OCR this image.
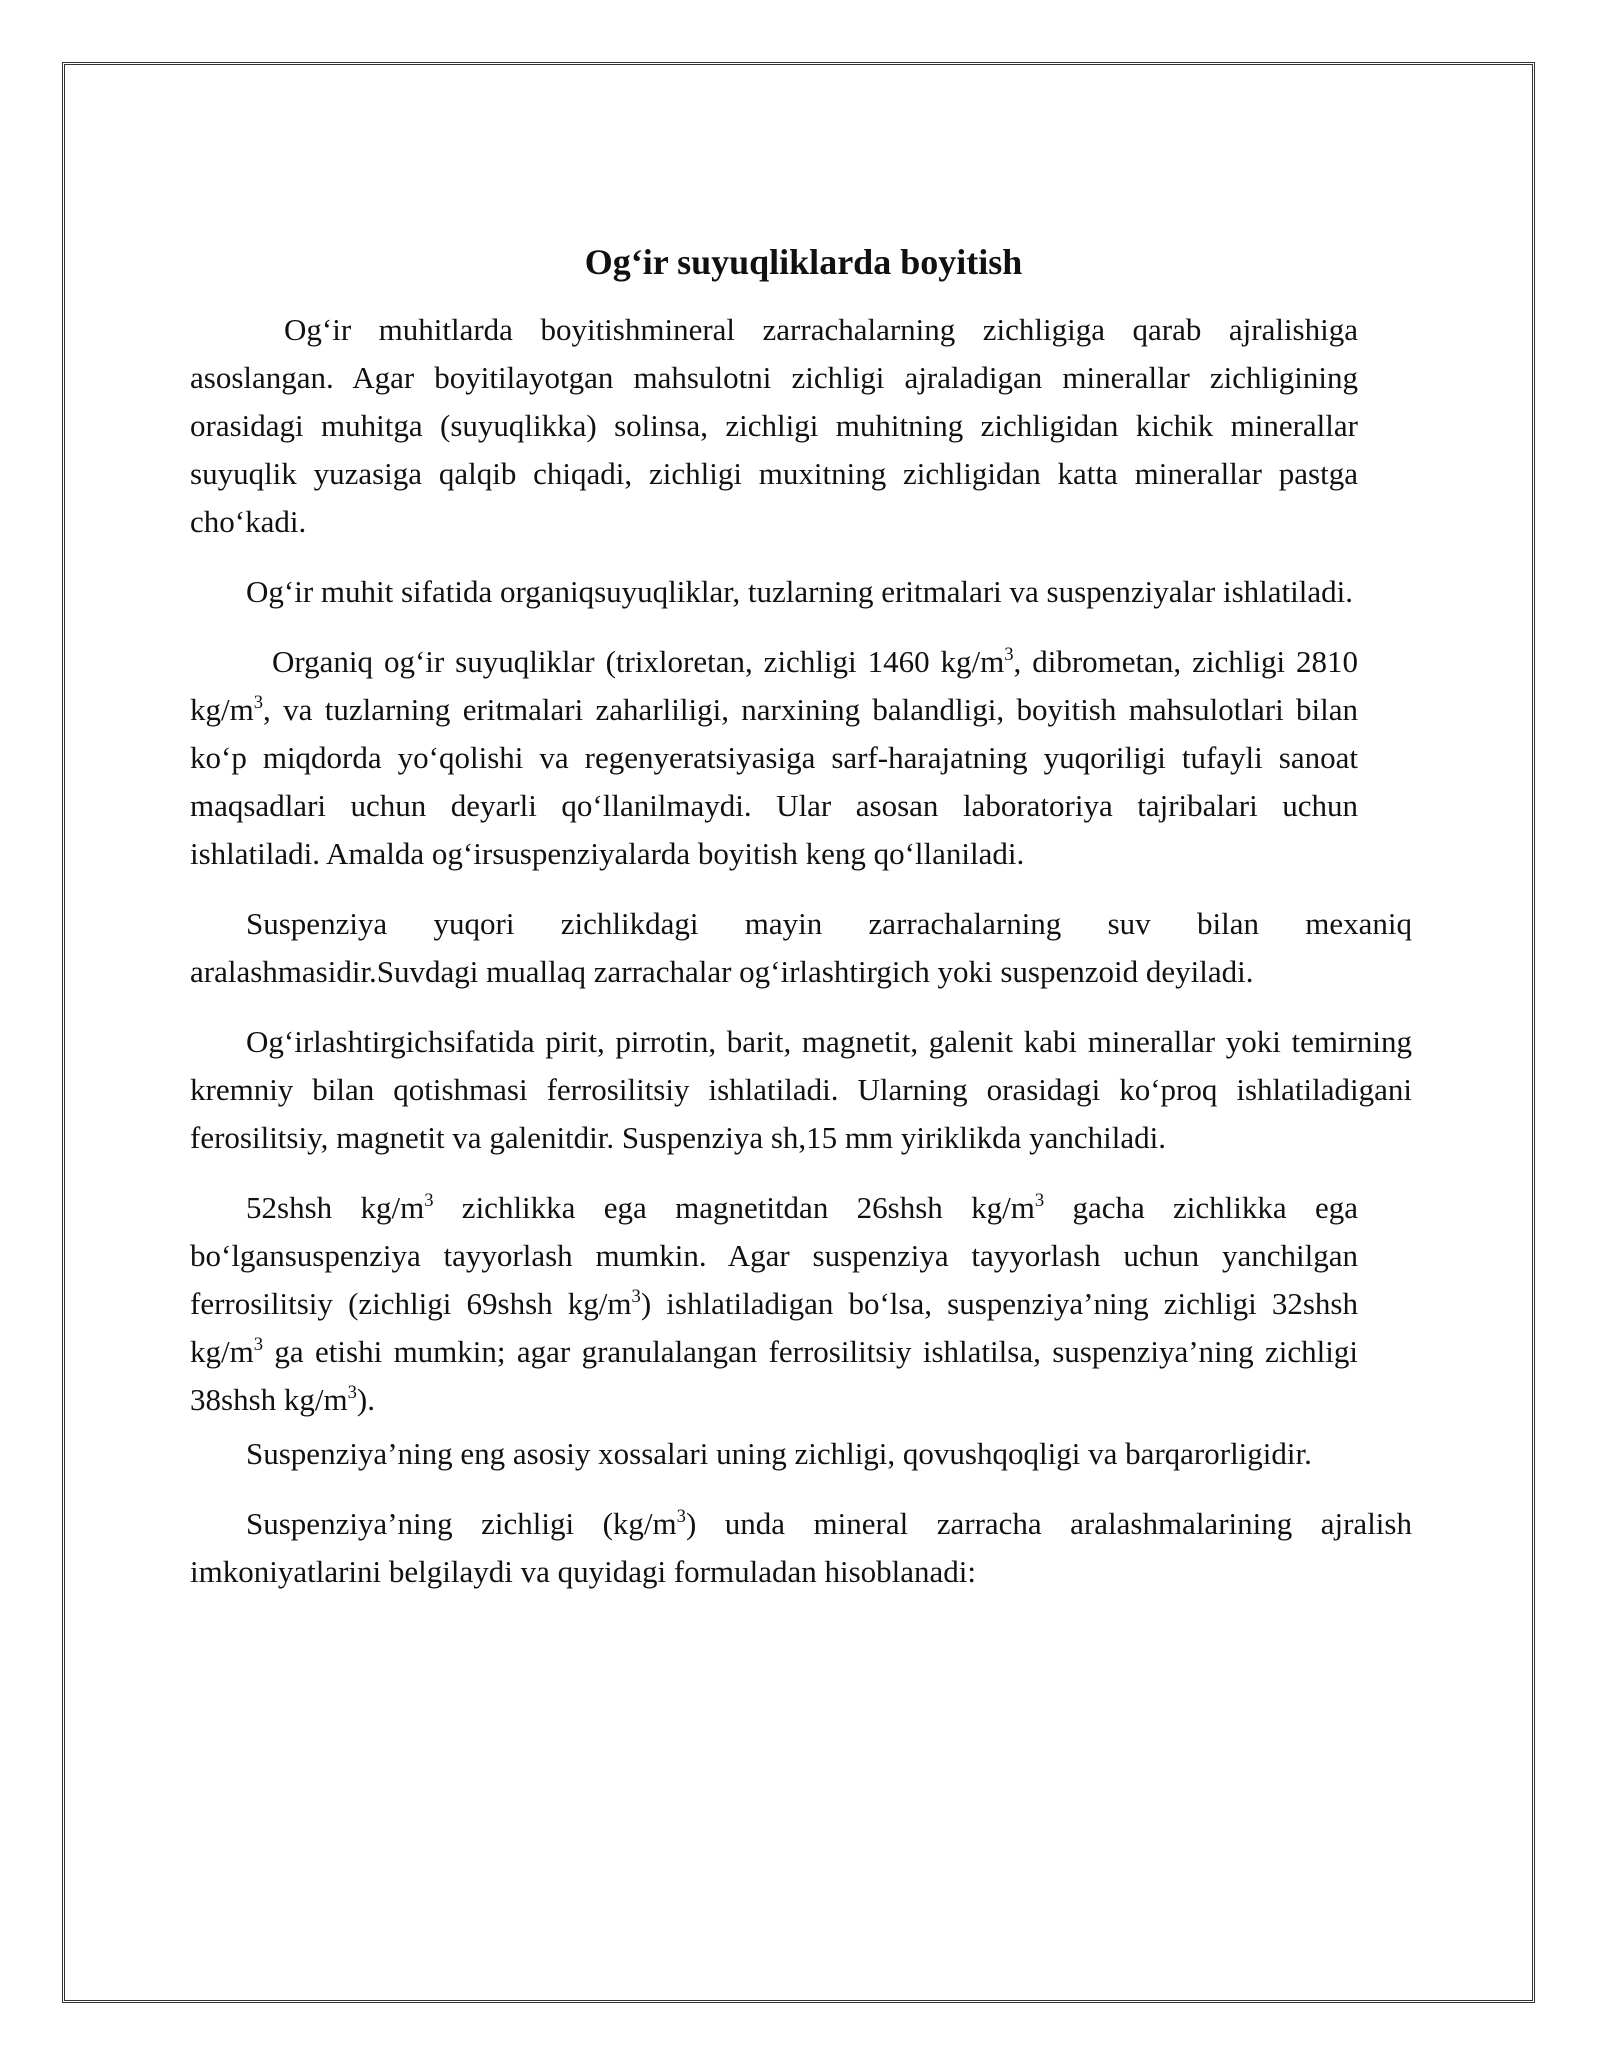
Og‘ir suyuqliklarda boyitish

Og‘ir muhitlarda boyitishmineral zarrachalarning zichligiga qarab ajralishiga asoslangan. Agar boyitilayotgan mahsulotni zichligi ajraladigan minerallar zichligining orasidagi muhitga (suyuqlikka) solinsa, zichligi muhitning zichligidan kichik minerallar suyuqlik yuzasiga qalqib chiqadi, zichligi muxitning zichligidan katta minerallar pastga cho‘kadi.

Og‘ir muhit sifatida organiqsuyuqliklar, tuzlarning eritmalari va suspenziyalar ishlatiladi.

Organiq og‘ir suyuqliklar (trixloretan, zichligi 1460 $kg/m^3$, dibrometan, zichligi 2810 $kg/m^3$, va tuzlarning eritmalari zaharliligi, narxining balandligi, boyitish mahsulotlari bilan ko‘p miqdorda yo‘qolishi va regenyeratsiyasiga sarf-harajatning yuqoriligi tufayli sanoat maqsadlari uchun deyarli qo‘llanilmaydi. Ular asosan laboratoriya tajribalari uchun ishlatiladi. Amalda og‘irsuspenziyalarda boyitish keng qo‘llaniladi.

Suspenziya yuqori zichlikdagi mayin zarrachalarning suv bilan mexaniq aralashmasidir.Suvdagi muallaq zarrachalar og‘irlashtirgich yoki suspenzoid deyiladi.

Og‘irlashtirgichsifatida pirit, pirrotin, barit, magnetit, galenit kabi minerallar yoki temirning kremniy bilan qotishmasi ferrosilitsiy ishlatiladi. Ularning orasidagi ko‘proq ishlatiladigani ferosilitsiy, magnetit va galenitdir. Suspenziya sh,15 mm yiriklikda yanchiladi.

52shsh $kg/m^3$ zichlikka ega magnetitdan 26shsh $kg/m^3$ gacha zichlikka ega bo‘lgansuspenziya tayyorlash mumkin. Agar suspenziya tayyorlash uchun yanchilgan ferrosilitsiy (zichligi 69shsh $kg/m^3$) ishlatiladigan bo‘lsa, suspenziya’ning zichligi 32shsh $kg/m^3$ ga etishi mumkin; agar granulalangan ferrosilitsiy ishlatilsa, suspenziya’ning zichligi 38shsh $kg/m^3$).

Suspenziya’ning eng asosiy xossalari uning zichligi, qovushqoqligi va barqarorligidir.

Suspenziya’ning zichligi $(kg/m^3)$ unda mineral zarracha aralashmalarining ajralish imkoniyatlarini belgilaydi va quyidagi formuladan hisoblanadi:
